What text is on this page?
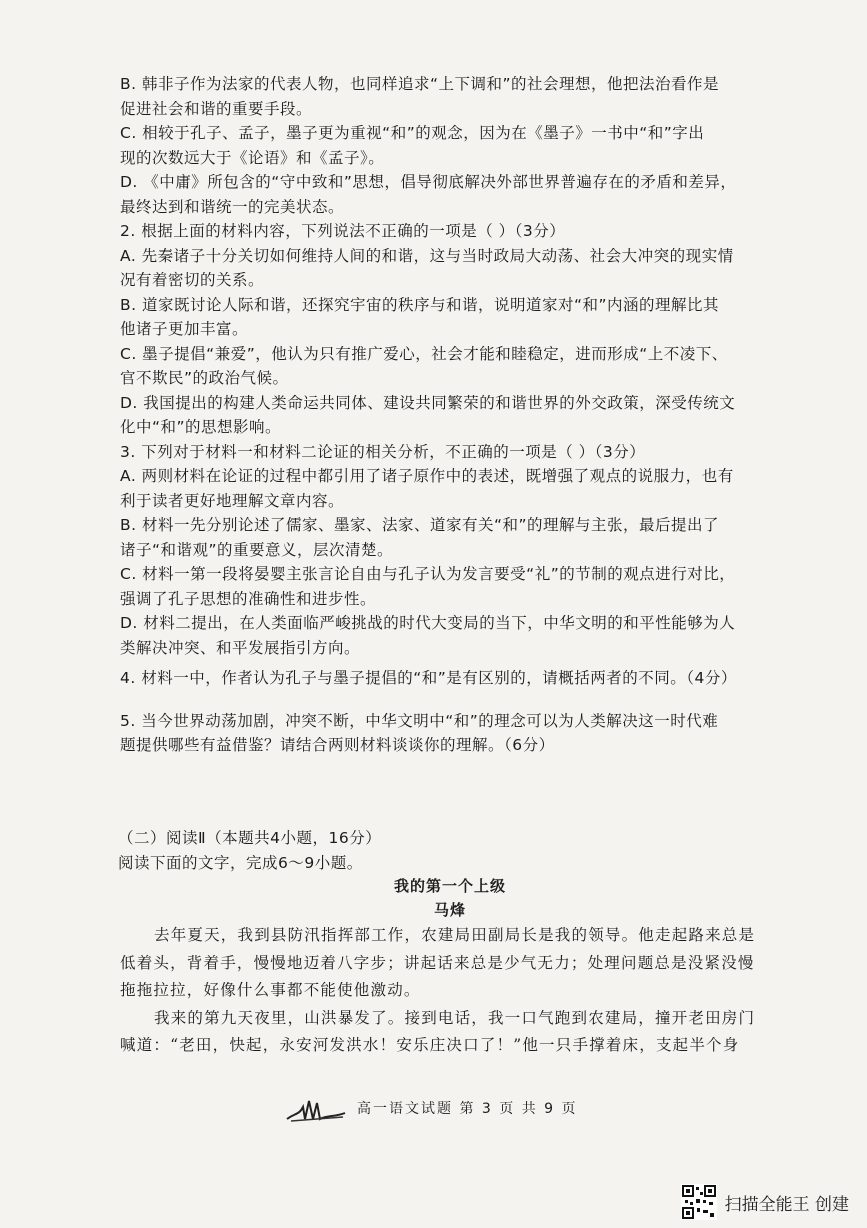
B. 韩非子作为法家的代表人物，也同样追求“上下调和”的社会理想，他把法治看作是
促进社会和谐的重要手段。
C. 相较于孔子、孟子，墨子更为重视“和”的观念，因为在《墨子》一书中“和”字出
现的次数远大于《论语》和《孟子》。
D. 《中庸》所包含的“守中致和”思想，倡导彻底解决外部世界普遍存在的矛盾和差异，
最终达到和谐统一的完美状态。
2. 根据上面的材料内容，下列说法不正确的一项是（ ）（3分）
A. 先秦诸子十分关切如何维持人间的和谐，这与当时政局大动荡、社会大冲突的现实情
况有着密切的关系。
B. 道家既讨论人际和谐，还探究宇宙的秩序与和谐，说明道家对“和”内涵的理解比其
他诸子更加丰富。
C. 墨子提倡“兼爱”，他认为只有推广爱心，社会才能和睦稳定，进而形成“上不凌下、
官不欺民”的政治气候。
D. 我国提出的构建人类命运共同体、建设共同繁荣的和谐世界的外交政策，深受传统文
化中“和”的思想影响。
3. 下列对于材料一和材料二论证的相关分析，不正确的一项是（ ）（3分）
A. 两则材料在论证的过程中都引用了诸子原作中的表述，既增强了观点的说服力，也有
利于读者更好地理解文章内容。
B. 材料一先分别论述了儒家、墨家、法家、道家有关“和”的理解与主张，最后提出了
诸子“和谐观”的重要意义，层次清楚。
C. 材料一第一段将晏婴主张言论自由与孔子认为发言要受“礼”的节制的观点进行对比，
强调了孔子思想的准确性和进步性。
D. 材料二提出，在人类面临严峻挑战的时代大变局的当下，中华文明的和平性能够为人
类解决冲突、和平发展指引方向。
4. 材料一中，作者认为孔子与墨子提倡的“和”是有区别的，请概括两者的不同。（4分）
5. 当今世界动荡加剧，冲突不断，中华文明中“和”的理念可以为人类解决这一时代难
题提供哪些有益借鉴？请结合两则材料谈谈你的理解。（6分）
（二）阅读Ⅱ（本题共4小题，16分）
阅读下面的文字，完成6～9小题。
我的第一个上级
马烽
去年夏天，我到县防汛指挥部工作，农建局田副局长是我的领导。他走起路来总是
低着头，背着手，慢慢地迈着八字步；讲起话来总是少气无力；处理问题总是没紧没慢
拖拖拉拉，好像什么事都不能使他激动。
我来的第九天夜里，山洪暴发了。接到电话，我一口气跑到农建局，撞开老田房门
喊道：“老田，快起，永安河发洪水！安乐庄决口了！”他一只手撑着床，支起半个身
高一语文试题 第 3 页 共 9 页
扫描全能王 创建
